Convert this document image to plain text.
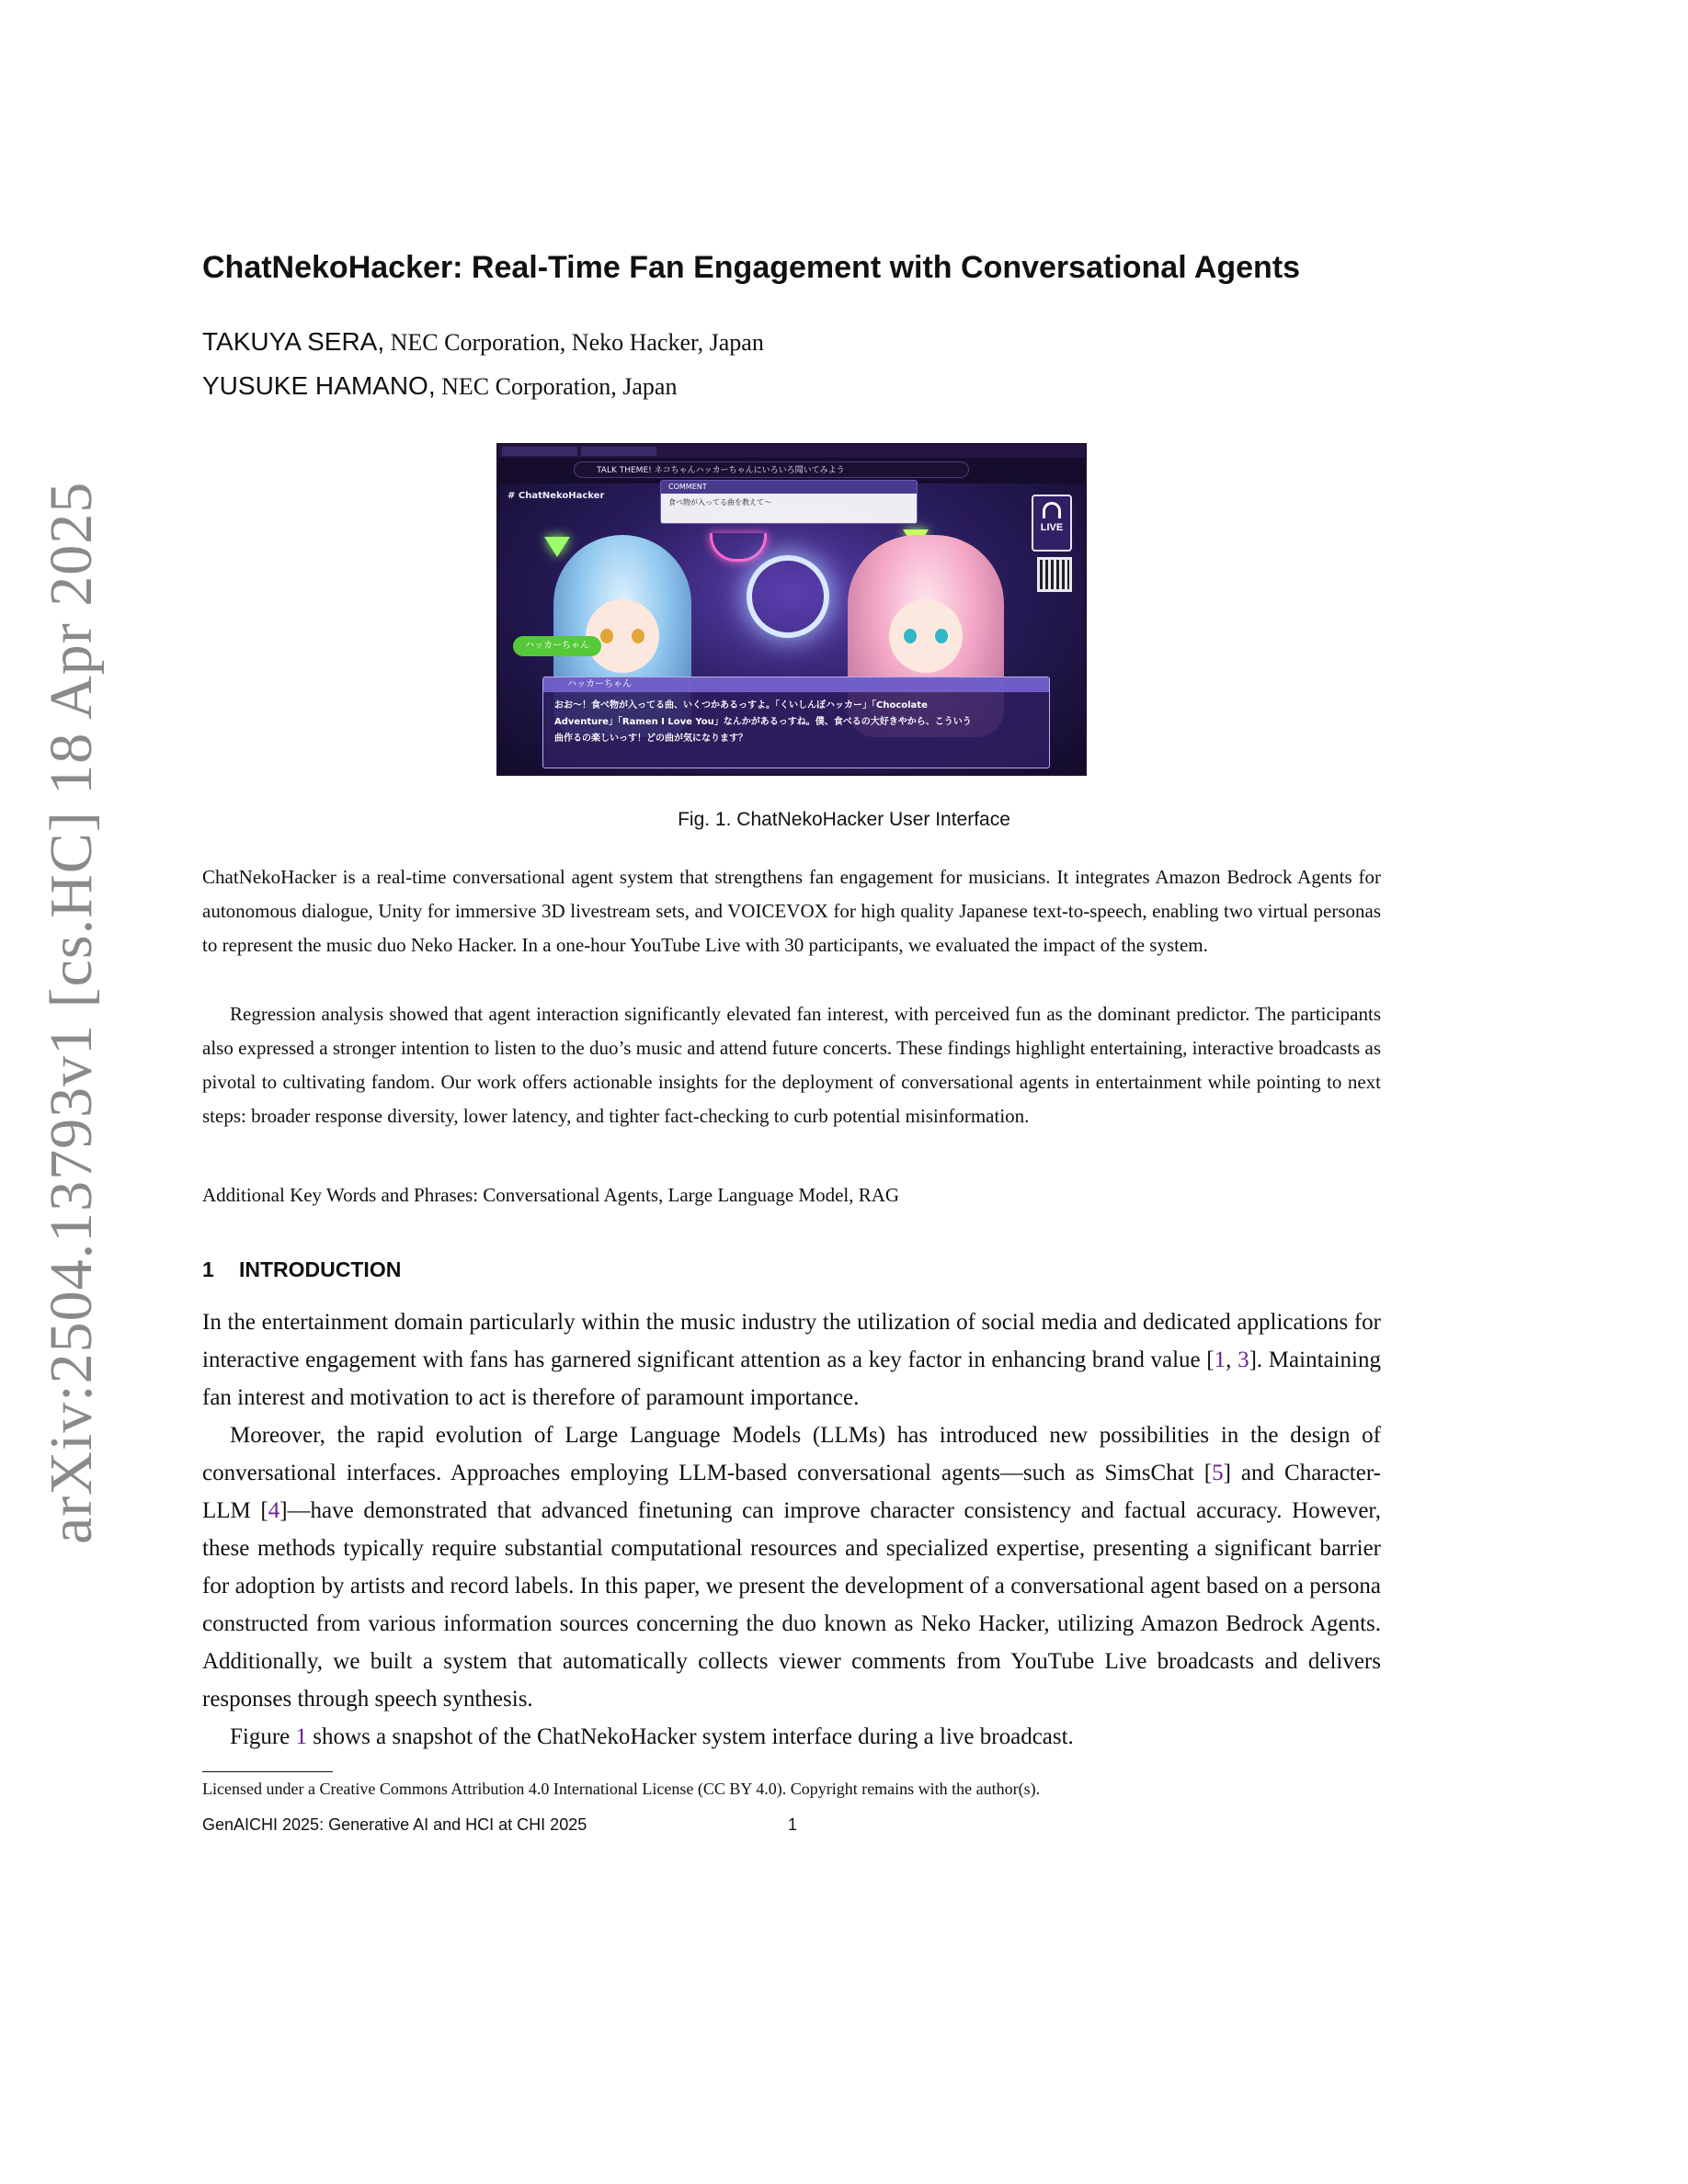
arXiv:2504.13793v1 [cs.HC] 18 Apr 2025
ChatNekoHacker: Real-Time Fan Engagement with Conversational Agents
TAKUYA SERA, NEC Corporation, Neko Hacker, Japan
YUSUKE HAMANO, NEC Corporation, Japan
TALK THEME! ネコちゃんハッカーちゃんにいろいろ聞いてみよう
# ChatNekoHacker
COMMENT
食べ物が入ってる曲を教えて〜
LIVE
ハッカーちゃん
ハッカーちゃん
おお〜！食べ物が入ってる曲、いくつかあるっすよ。「くいしんぼハッカー」「Chocolate
Adventure」「Ramen I Love You」なんかがあるっすね。僕、食べるの大好きやから、こういう
曲作るの楽しいっす！どの曲が気になります？
Fig. 1. ChatNekoHacker User Interface

ChatNekoHacker is a real-time conversational agent system that strengthens fan engagement for musicians. It integrates Amazon Bedrock Agents for autonomous dialogue, Unity for immersive 3D livestream sets, and VOICEVOX for high quality Japanese text-to-speech, enabling two virtual personas to represent the music duo Neko Hacker. In a one-hour YouTube Live with 30 participants, we evaluated the impact of the system.

Regression analysis showed that agent interaction significantly elevated fan interest, with perceived fun as the dominant predictor. The participants also expressed a stronger intention to listen to the duo’s music and attend future concerts. These findings highlight entertaining, interactive broadcasts as pivotal to cultivating fandom. Our work offers actionable insights for the deployment of conversational agents in entertainment while pointing to next steps: broader response diversity, lower latency, and tighter fact-checking to curb potential misinformation.

Additional Key Words and Phrases: Conversational Agents, Large Language Model, RAG
1 INTRODUCTION

In the entertainment domain particularly within the music industry the utilization of social media and dedicated applications for interactive engagement with fans has garnered significant attention as a key factor in enhancing brand value [1, 3]. Maintaining fan interest and motivation to act is therefore of paramount importance.

Moreover, the rapid evolution of Large Language Models (LLMs) has introduced new possibilities in the design of conversational interfaces. Approaches employing LLM-based conversational agents—such as SimsChat [5] and Character-LLM [4]—have demonstrated that advanced finetuning can improve character consistency and factual accuracy. However, these methods typically require substantial computational resources and specialized expertise, presenting a significant barrier for adoption by artists and record labels. In this paper, we present the development of a conversational agent based on a persona constructed from various information sources concerning the duo known as Neko Hacker, utilizing Amazon Bedrock Agents. Additionally, we built a system that automatically collects viewer comments from YouTube Live broadcasts and delivers responses through speech synthesis.

Figure 1 shows a snapshot of the ChatNekoHacker system interface during a live broadcast.

Licensed under a Creative Commons Attribution 4.0 International License (CC BY 4.0). Copyright remains with the author(s).
GenAICHI 2025: Generative AI and HCI at CHI 2025	1
